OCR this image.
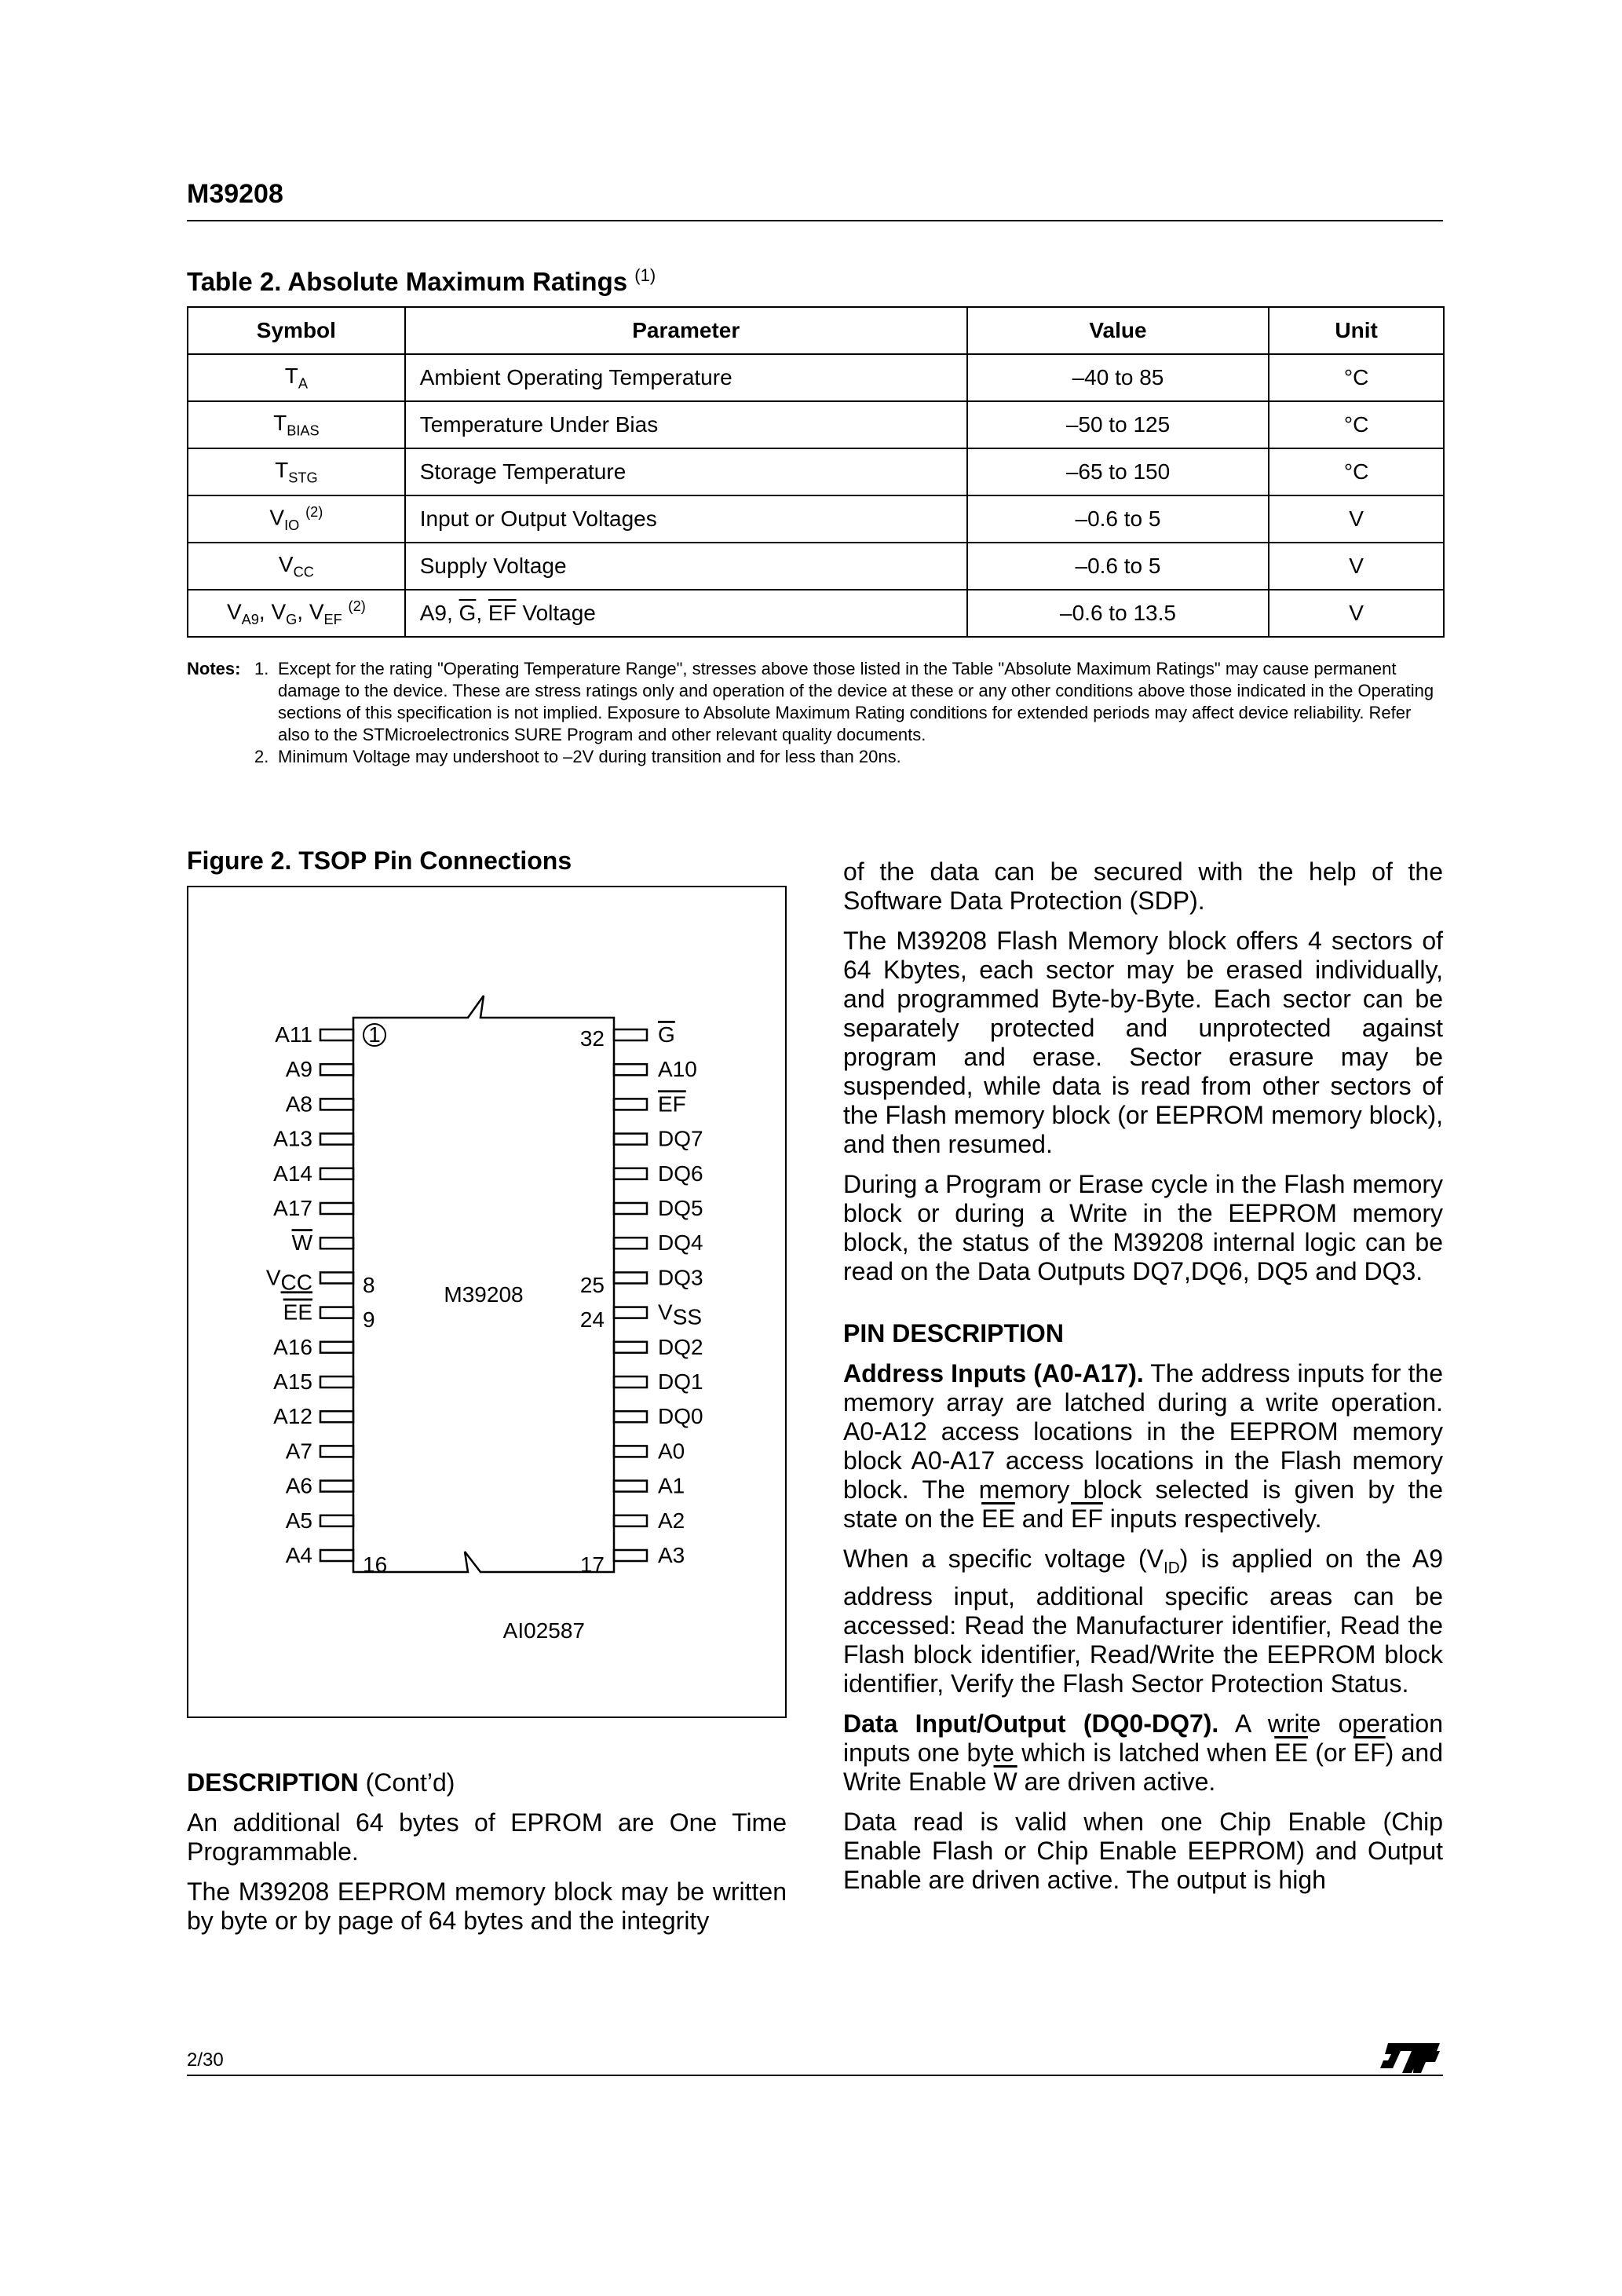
M39208
Table 2. Absolute Maximum Ratings $^{(1)}$
Symbol	Parameter	Value	Unit
$T_A$	Ambient Operating Temperature	–40 to 85	°C
$T_{BIAS}$	Temperature Under Bias	–50 to 125	°C
$T_{STG}$	Storage Temperature	–65 to 150	°C
$V_{IO}$ $^{(2)}$	Input or Output Voltages	–0.6 to 5	V
$V_{CC}$	Supply Voltage	–0.6 to 5	V
$V_{A9}$, $V_G$, $V_{EF}$ $^{(2)}$	A9, $\overline{G}$, $\overline{EF}$ Voltage	–0.6 to 13.5	V
Notes: 1. Except for the rating "Operating Temperature Range", stresses above those listed in the Table "Absolute Maximum Ratings" may cause permanent damage to the device. These are stress ratings only and operation of the device at these or any other conditions above those indicated in the Operating sections of this specification is not implied. Exposure to Absolute Maximum Rating conditions for extended periods may affect device reliability. Refer also to the STMicroelectronics SURE Program and other relevant quality documents.
2. Minimum Voltage may undershoot to –2V during transition and for less than 20ns.
Figure 2. TSOP Pin Connections
1
M39208
AI02587
A11
A9
A8
A13
A14
A17
W
VCC
EE
A16
A15
A12
A7
A6
A5
A4
G
A10
EF
DQ7
DQ6
DQ5
DQ4
DQ3
VSS
DQ2
DQ1
DQ0
A0
A1
A2
A3
8
9
16
32
25
24
17

DESCRIPTION (Cont’d)

An additional 64 bytes of EPROM are One Time Programmable.

The M39208 EEPROM memory block may be written by byte or by page of 64 bytes and the integrity

of the data can be secured with the help of the Software Data Protection (SDP).

The M39208 Flash Memory block offers 4 sectors of 64 Kbytes, each sector may be erased individually, and programmed Byte-by-Byte. Each sector can be separately protected and unprotected against program and erase. Sector erasure may be suspended, while data is read from other sectors of the Flash memory block (or EEPROM memory block), and then resumed.

During a Program or Erase cycle in the Flash memory block or during a Write in the EEPROM memory block, the status of the M39208 internal logic can be read on the Data Outputs DQ7,DQ6, DQ5 and DQ3.

PIN DESCRIPTION

Address Inputs (A0-A17). The address inputs for the memory array are latched during a write operation. A0-A12 access locations in the EEPROM memory block A0-A17 access locations in the Flash memory block. The memory block selected is given by the state on the $\overline{EE}$ and $\overline{EF}$ inputs respectively.

When a specific voltage $(V_{ID})$ is applied on the A9 address input, additional specific areas can be accessed: Read the Manufacturer identifier, Read the Flash block identifier, Read/Write the EEPROM block identifier, Verify the Flash Sector Protection Status.

Data Input/Output (DQ0-DQ7). A write operation inputs one byte which is latched when $\overline{EE}$ (or $\overline{EF}$) and Write Enable $\overline{W}$ are driven active.

Data read is valid when one Chip Enable (Chip Enable Flash or Chip Enable EEPROM) and Output Enable are driven active. The output is high

2/30
